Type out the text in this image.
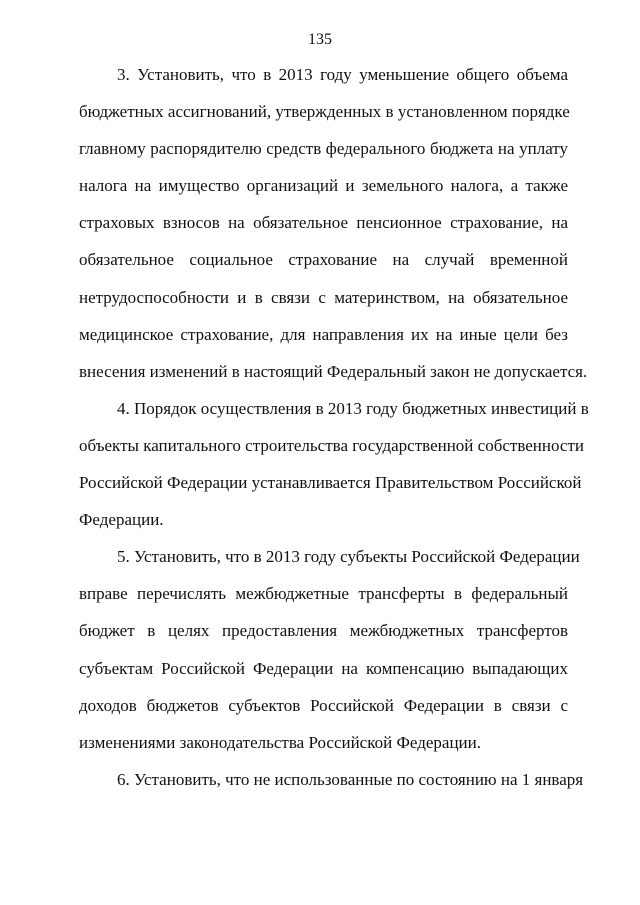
135

3. Установить, что в 2013 году уменьшение общего объема
бюджетных ассигнований, утвержденных в установленном порядке
главному распорядителю средств федерального бюджета на уплату
налога на имущество организаций и земельного налога, а также
страховых взносов на обязательное пенсионное страхование, на
обязательное социальное страхование на случай временной
нетрудоспособности и в связи с материнством, на обязательное
медицинское страхование, для направления их на иные цели без
внесения изменений в настоящий Федеральный закон не допускается.

4. Порядок осуществления в 2013 году бюджетных инвестиций в
объекты капитального строительства государственной собственности
Российской Федерации устанавливается Правительством Российской
Федерации.

5. Установить, что в 2013 году субъекты Российской Федерации
вправе перечислять межбюджетные трансферты в федеральный
бюджет в целях предоставления межбюджетных трансфертов
субъектам Российской Федерации на компенсацию выпадающих
доходов бюджетов субъектов Российской Федерации в связи с
изменениями законодательства Российской Федерации.

6. Установить, что не использованные по состоянию на 1 января
